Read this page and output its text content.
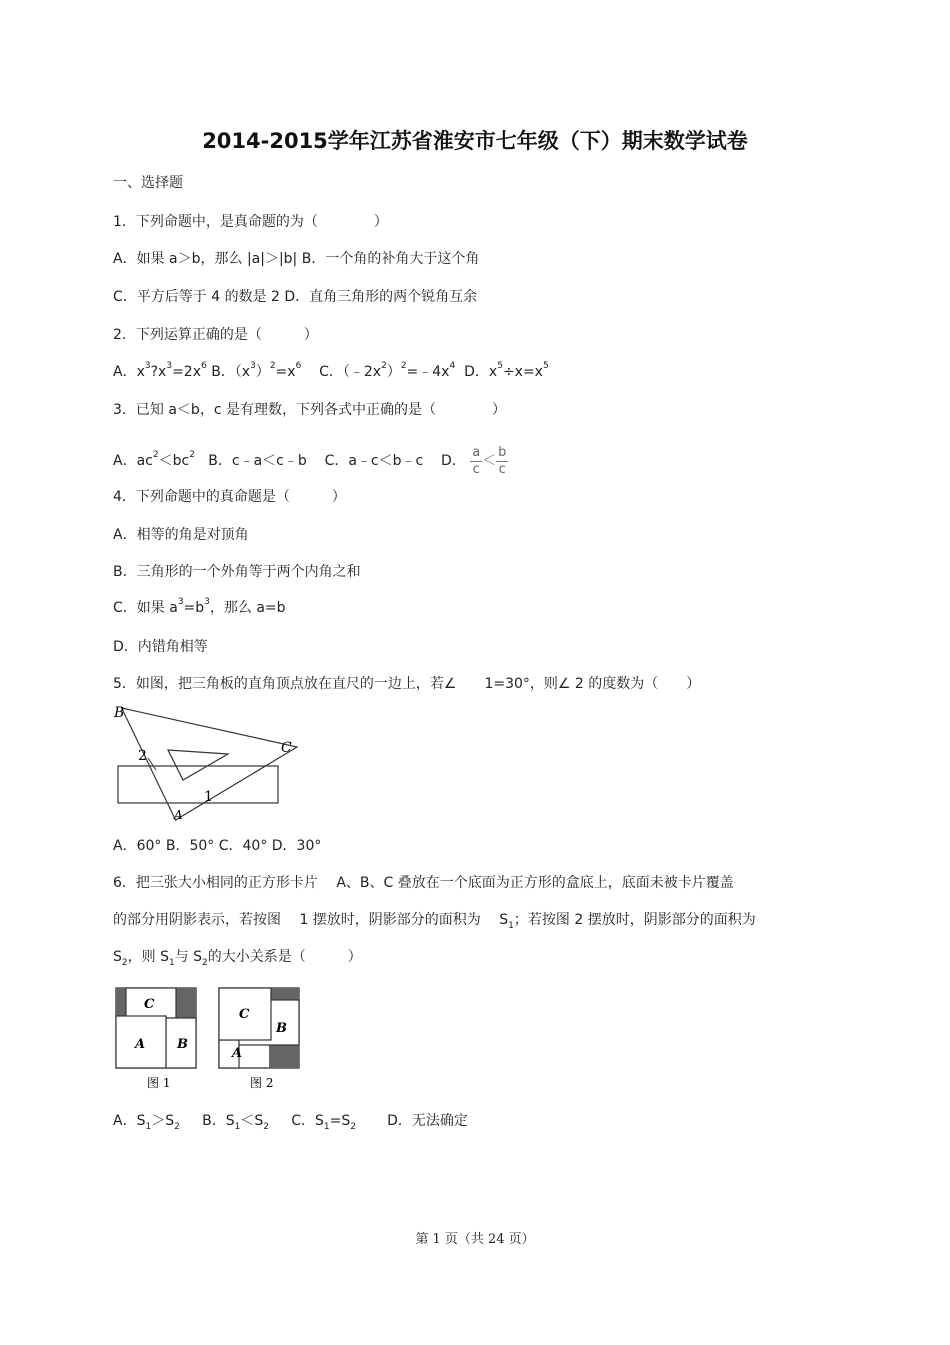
2014-2015学年江苏省淮安市七年级（下）期末数学试卷
一、选择题
1．下列命题中，是真命题的为（　　　　）
A．如果 a＞b，那么 |a|＞|b| B．一个角的补角大于这个角
C．平方后等于 4 的数是 2 D．直角三角形的两个锐角互余
2．下列运算正确的是（　　　）
A．$x^3?x^3=2x^6$ B．$(x^3)^2=x^6$ C．$(﹣2x^2)^2=﹣4x^4$ D．$x^5\div x=x^5$
3．已知 a＜b，c 是有理数，下列各式中正确的是（　　　　）
A．$ac^2<bc^2$ B．c﹣a＜c﹣b C．a﹣c＜b﹣c D． $\frac{a}{c} < \frac{b}{c}$
4．下列命题中的真命题是（　　　）
A．相等的角是对顶角
B．三角形的一个外角等于两个内角之和
C．如果 $a^3=b^3$，那么 a=b
D．内错角相等
5．如图，把三角板的直角顶点放在直尺的一边上，若∠　　1=30°，则∠ 2 的度数为（　　）
B
C
A
2
1
A．60° B．50° C．40° D．30°
6．把三张大小相同的正方形卡片　 A、B、C 叠放在一个底面为正方形的盒底上，底面未被卡片覆盖
的部分用阴影表示，若按图　 1 摆放时，阴影部分的面积为　 $S_1$；若按图 2 摆放时，阴影部分的面积为
$S_2$，则 $S_1$与 $S_2$的大小关系是（　　　）
C
A B
图 1
C
B
A
图 2
A．$S_1>S_2$ B．$S_1<S_2$ C．$S_1=S_2$ D．无法确定
第 1 页（共 24 页）
